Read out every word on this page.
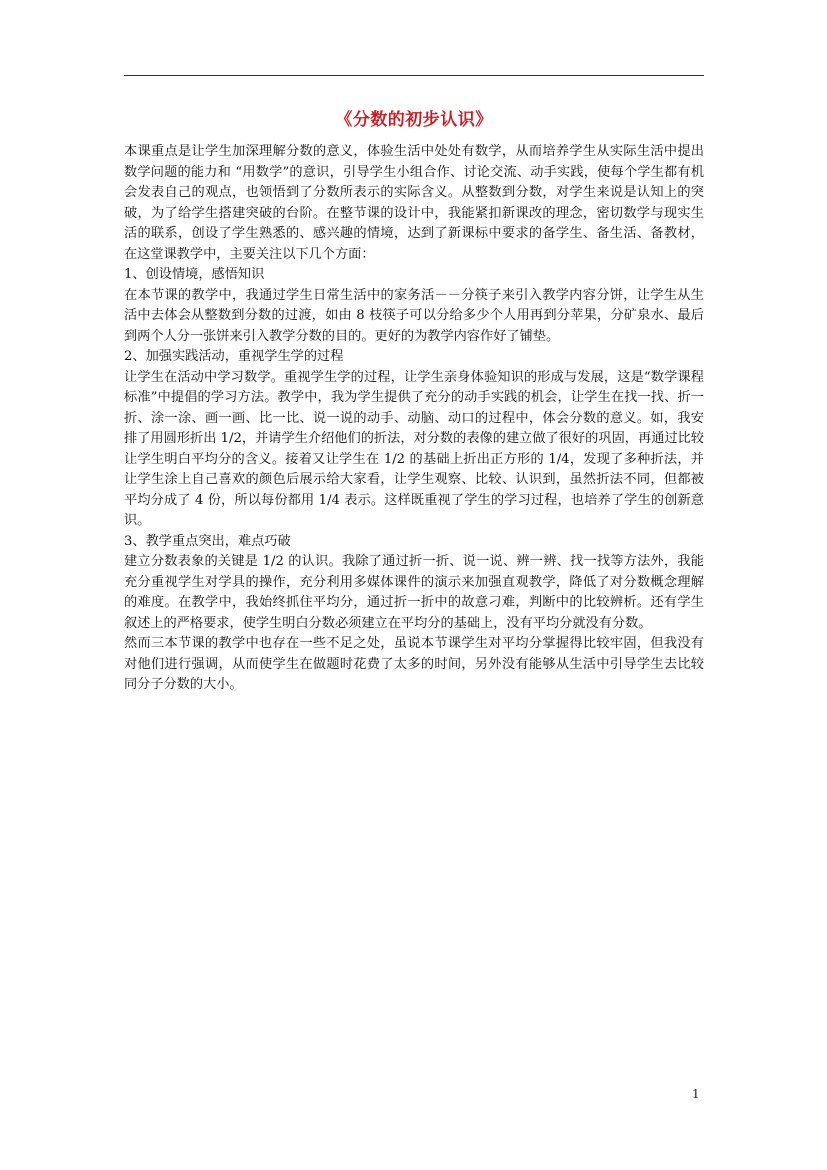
《分数的初步认识》

本课重点是让学生加深理解分数的意义，体验生活中处处有数学，从而培养学生从实际生活中提出数学问题的能力和 “用数学”的意识，引导学生小组合作、讨论交流、动手实践，使每个学生都有机会发表自己的观点，也领悟到了分数所表示的实际含义。从整数到分数，对学生来说是认知上的突破，为了给学生搭建突破的台阶。在整节课的设计中，我能紧扣新课改的理念，密切数学与现实生活的联系，创设了学生熟悉的、感兴趣的情境，达到了新课标中要求的备学生、备生活、备教材，在这堂课教学中，主要关注以下几个方面：

1、创设情境，感悟知识

在本节课的教学中，我通过学生日常生活中的家务活－－分筷子来引入教学内容分饼，让学生从生活中去体会从整数到分数的过渡，如由 8 枝筷子可以分给多少个人用再到分苹果，分矿泉水、最后到两个人分一张饼来引入教学分数的目的。更好的为教学内容作好了铺垫。

2、加强实践活动，重视学生学的过程

让学生在活动中学习数学。重视学生学的过程，让学生亲身体验知识的形成与发展，这是“数学课程标准”中提倡的学习方法。教学中，我为学生提供了充分的动手实践的机会，让学生在找一找、折一折、涂一涂、画一画、比一比、说一说的动手、动脑、动口的过程中，体会分数的意义。如，我安排了用圆形折出 1/2，并请学生介绍他们的折法，对分数的表像的建立做了很好的巩固，再通过比较让学生明白平均分的含义。接着又让学生在 1/2 的基础上折出正方形的 1/4，发现了多种折法，并让学生涂上自己喜欢的颜色后展示给大家看，让学生观察、比较、认识到，虽然折法不同，但都被平均分成了 4 份，所以每份都用 1/4 表示。这样既重视了学生的学习过程，也培养了学生的创新意识。

3、教学重点突出，难点巧破

建立分数表象的关键是 1/2 的认识。我除了通过折一折、说一说、辨一辨、找一找等方法外，我能充分重视学生对学具的操作，充分利用多媒体课件的演示来加强直观教学，降低了对分数概念理解的难度。在教学中，我始终抓住平均分，通过折一折中的故意刁难，判断中的比较辨析。还有学生叙述上的严格要求，使学生明白分数必须建立在平均分的基础上，没有平均分就没有分数。

然而三本节课的教学中也存在一些不足之处，虽说本节课学生对平均分掌握得比较牢固，但我没有对他们进行强调，从而使学生在做题时花费了太多的时间，另外没有能够从生活中引导学生去比较同分子分数的大小。

1
